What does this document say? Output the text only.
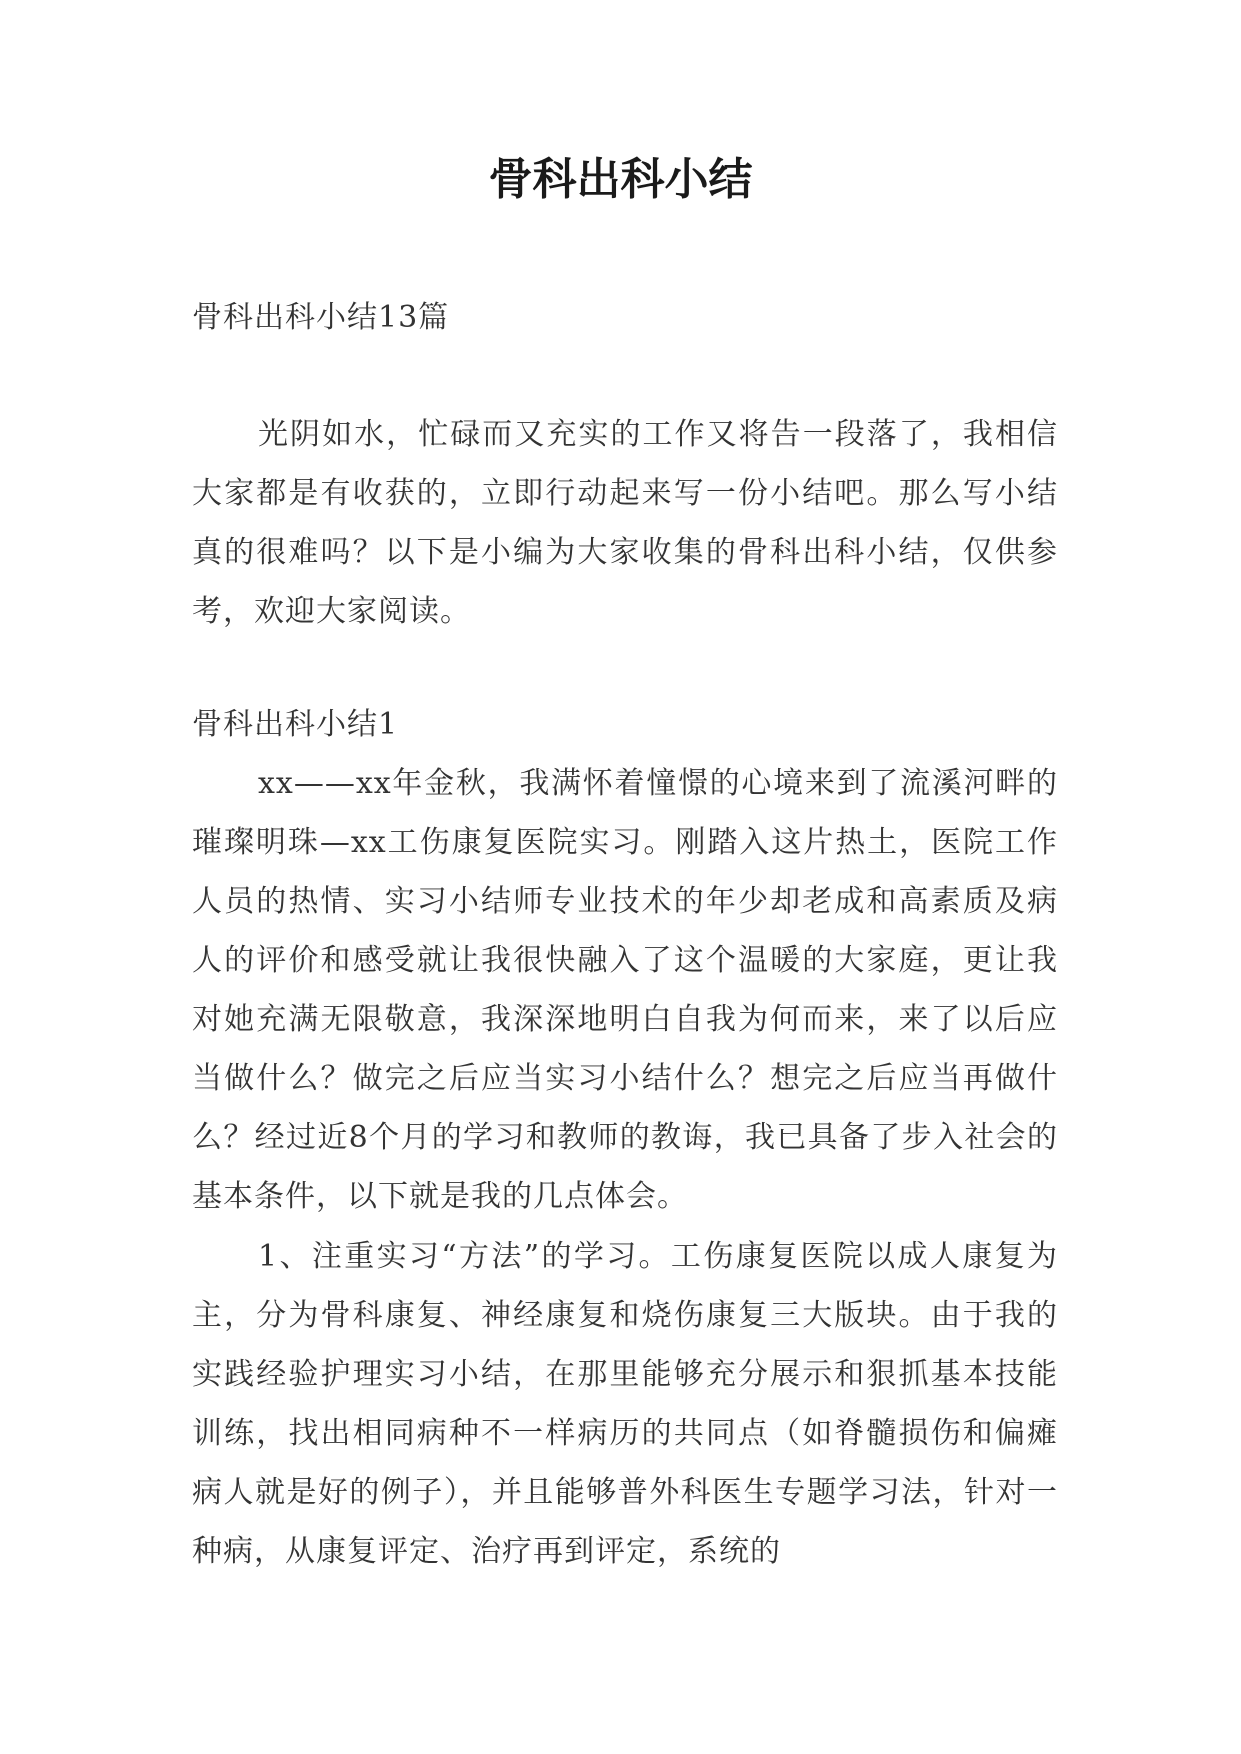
骨科出科小结

骨科出科小结13篇

光阴如水，忙碌而又充实的工作又将告一段落了，我相信大家都是有收获的，立即行动起来写一份小结吧。那么写小结真的很难吗？以下是小编为大家收集的骨科出科小结，仅供参考，欢迎大家阅读。

骨科出科小结1

xx——xx年金秋，我满怀着憧憬的心境来到了流溪河畔的璀璨明珠—xx工伤康复医院实习。刚踏入这片热土，医院工作人员的热情、实习小结师专业技术的年少却老成和高素质及病人的评价和感受就让我很快融入了这个温暖的大家庭，更让我对她充满无限敬意，我深深地明白自我为何而来，来了以后应当做什么？做完之后应当实习小结什么？想完之后应当再做什么？经过近8个月的学习和教师的教诲，我已具备了步入社会的基本条件，以下就是我的几点体会。

1、注重实习“方法”的学习。工伤康复医院以成人康复为主，分为骨科康复、神经康复和烧伤康复三大版块。由于我的实践经验护理实习小结，在那里能够充分展示和狠抓基本技能训练，找出相同病种不一样病历的共同点（如脊髓损伤和偏瘫病人就是好的例子），并且能够普外科医生专题学习法，针对一种病，从康复评定、治疗再到评定，系统的
